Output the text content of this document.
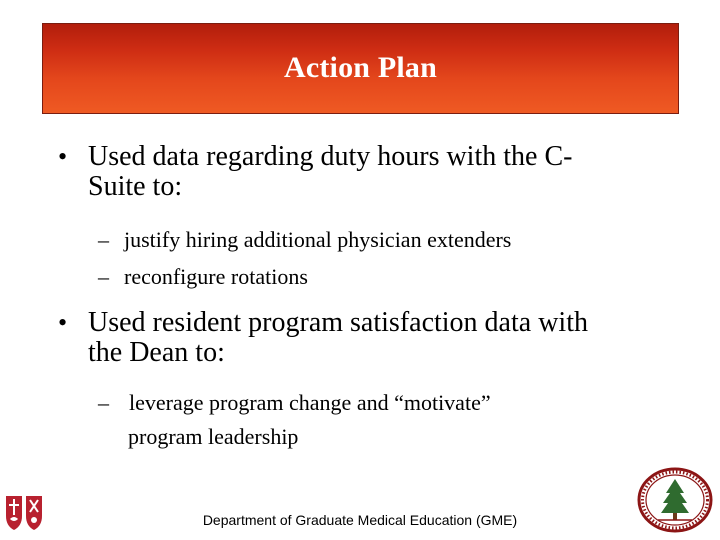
Action Plan
• Used data regarding duty hours with the C-
Suite to:
– justify hiring additional physician extenders
– reconfigure rotations
• Used resident program satisfaction data with
the Dean to:
– leverage program change and “motivate”
program leadership
Department of Graduate Medical Education (GME)
